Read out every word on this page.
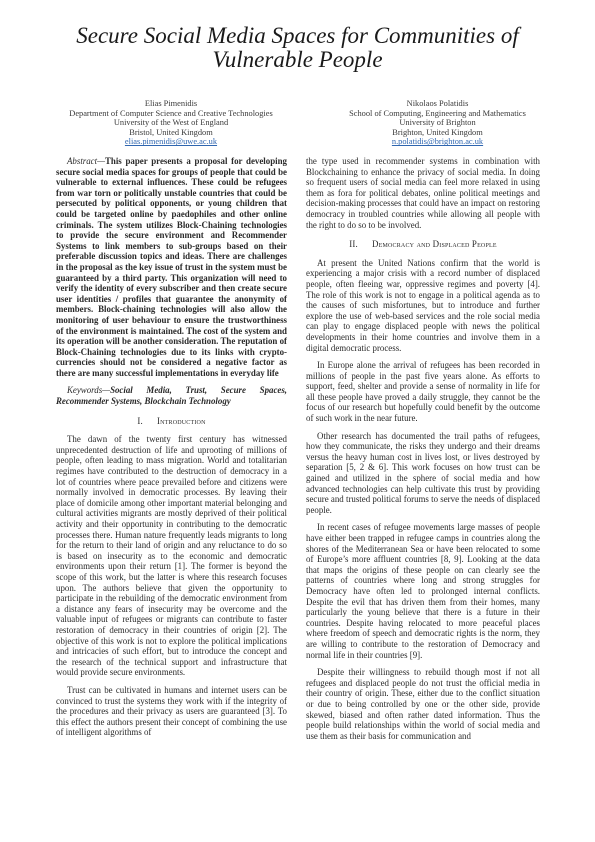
Secure Social Media Spaces for Communities of Vulnerable People
Elias Pimenidis
Department of Computer Science and Creative Technologies
University of the West of England
Bristol, United Kingdom
elias.pimenidis@uwe.ac.uk
Nikolaos Polatidis
School of Computing, Engineering and Mathematics
University of Brighton
Brighton, United Kingdom
n.polatidis@brighton.ac.uk

Abstract—This paper presents a proposal for developing secure social media spaces for groups of people that could be vulnerable to external influences. These could be refugees from war torn or politically unstable countries that could be persecuted by political opponents, or young children that could be targeted online by paedophiles and other online criminals. The system utilizes Block-Chaining technologies to provide the secure environment and Recommender Systems to link members to sub-groups based on their preferable discussion topics and ideas. There are challenges in the proposal as the key issue of trust in the system must be guaranteed by a third party. This organization will need to verify the identity of every subscriber and then create secure user identities / profiles that guarantee the anonymity of members. Block-chaining technologies will also allow the monitoring of user behaviour to ensure the trustworthiness of the environment is maintained. The cost of the system and its operation will be another consideration. The reputation of Block-Chaining technologies due to its links with crypto-currencies should not be considered a negative factor as there are many successful implementations in everyday life

Keywords—Social Media, Trust, Secure Spaces, Recommender Systems, Blockchain Technology

I. Introduction

The dawn of the twenty first century has witnessed unprecedented destruction of life and uprooting of millions of people, often leading to mass migration. World and totalitarian regimes have contributed to the destruction of democracy in a lot of countries where peace prevailed before and citizens were normally involved in democratic processes. By leaving their place of domicile among other important material belonging and cultural activities migrants are mostly deprived of their political activity and their opportunity in contributing to the democratic processes there. Human nature frequently leads migrants to long for the return to their land of origin and any reluctance to do so is based on insecurity as to the economic and democratic environments upon their return [1]. The former is beyond the scope of this work, but the latter is where this research focuses upon. The authors believe that given the opportunity to participate in the rebuilding of the democratic environment from a distance any fears of insecurity may be overcome and the valuable input of refugees or migrants can contribute to faster restoration of democracy in their countries of origin [2]. The objective of this work is not to explore the political implications and intricacies of such effort, but to introduce the concept and the research of the technical support and infrastructure that would provide secure environments.

Trust can be cultivated in humans and internet users can be convinced to trust the systems they work with if the integrity of the procedures and their privacy as users are guaranteed [3]. To this effect the authors present their concept of combining the use of intelligent algorithms of

the type used in recommender systems in combination with Blockchaining to enhance the privacy of social media. In doing so frequent users of social media can feel more relaxed in using them as fora for political debates, online political meetings and decision-making processes that could have an impact on restoring democracy in troubled countries while allowing all people with the right to do so to be involved.

II. Democracy and Displaced People

At present the United Nations confirm that the world is experiencing a major crisis with a record number of displaced people, often fleeing war, oppressive regimes and poverty [4]. The role of this work is not to engage in a political agenda as to the causes of such misfortunes, but to introduce and further explore the use of web-based services and the role social media can play to engage displaced people with news the political developments in their home countries and involve them in a digital democratic process.

In Europe alone the arrival of refugees has been recorded in millions of people in the past five years alone. As efforts to support, feed, shelter and provide a sense of normality in life for all these people have proved a daily struggle, they cannot be the focus of our research but hopefully could benefit by the outcome of such work in the near future.

Other research has documented the trail paths of refugees, how they communicate, the risks they undergo and their dreams versus the heavy human cost in lives lost, or lives destroyed by separation [5, 2 & 6]. This work focuses on how trust can be gained and utilized in the sphere of social media and how advanced technologies can help cultivate this trust by providing secure and trusted political forums to serve the needs of displaced people.

In recent cases of refugee movements large masses of people have either been trapped in refugee camps in countries along the shores of the Mediterranean Sea or have been relocated to some of Europe’s more affluent countries [8, 9]. Looking at the data that maps the origins of these people on can clearly see the patterns of countries where long and strong struggles for Democracy have often led to prolonged internal conflicts. Despite the evil that has driven them from their homes, many particularly the young believe that there is a future in their countries. Despite having relocated to more peaceful places where freedom of speech and democratic rights is the norm, they are willing to contribute to the restoration of Democracy and normal life in their countries [9].

Despite their willingness to rebuild though most if not all refugees and displaced people do not trust the official media in their country of origin. These, either due to the conflict situation or due to being controlled by one or the other side, provide skewed, biased and often rather dated information. Thus the people build relationships within the world of social media and use them as their basis for communication and
